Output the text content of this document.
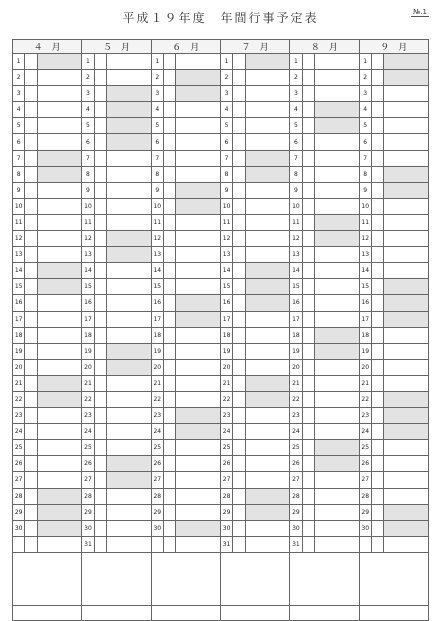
平成１９年度　年間行事予定表	№.1
４　月			５　月			６　月			７　月			８　月			９　月		
1			1			1			1			1			1		
2			2			2			2			2			2		
3			3			3			3			3			3		
4			4			4			4			4			4		
5			5			5			5			5			5		
6			6			6			6			6			6		
7			7			7			7			7			7		
8			8			8			8			8			8		
9			9			9			9			9			9		
10			10			10			10			10			10		
11			11			11			11			11			11		
12			12			12			12			12			12		
13			13			13			13			13			13		
14			14			14			14			14			14		
15			15			15			15			15			15		
16			16			16			16			16			16		
17			17			17			17			17			17		
18			18			18			18			18			18		
19			19			19			19			19			19		
20			20			20			20			20			20		
21			21			21			21			21			21		
22			22			22			22			22			22		
23			23			23			23			23			23		
24			24			24			24			24			24		
25			25			25			25			25			25		
26			26			26			26			26			26		
27			27			27			27			27			27		
28			28			28			28			28			28		
29			29			29			29			29			29		
30			30			30			30			30			30		
			31						31			31					
